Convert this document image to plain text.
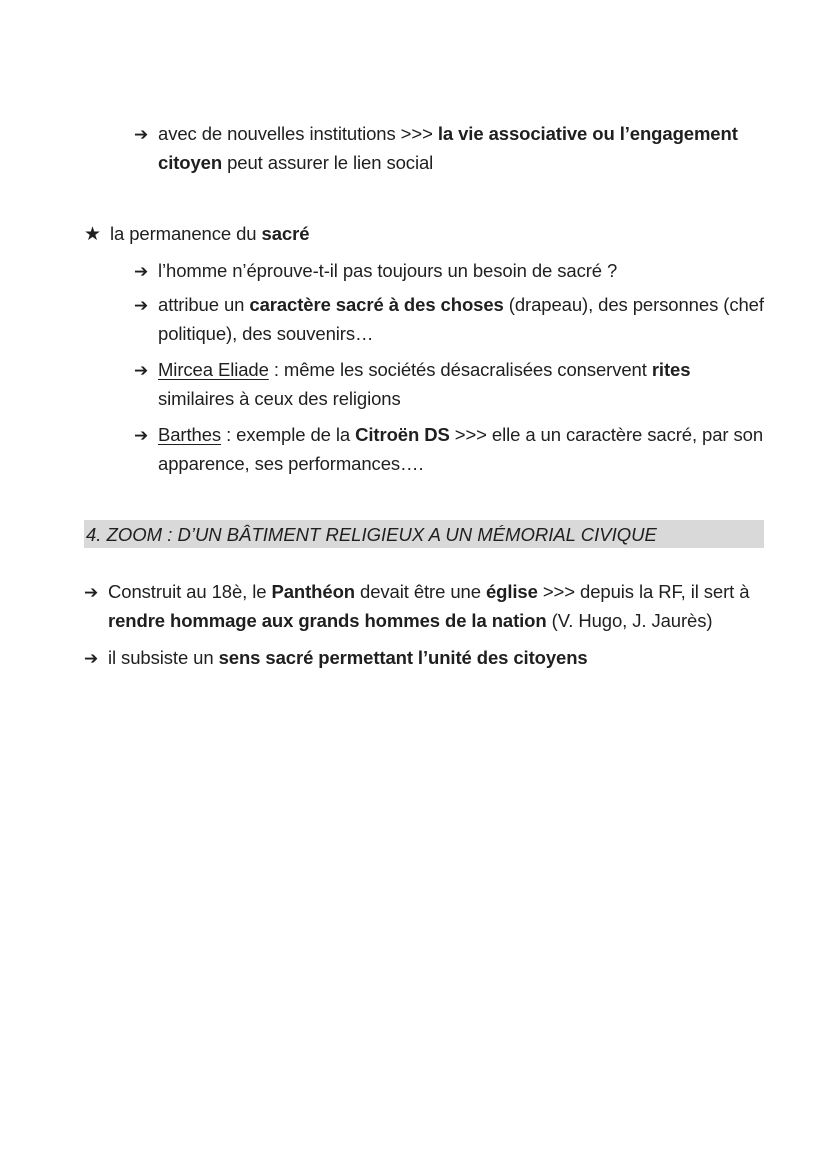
➔ avec de nouvelles institutions >>> la vie associative ou l’engagement
citoyen peut assurer le lien social
★ la permanence du sacré
➔ l’homme n’éprouve-t-il pas toujours un besoin de sacré ?
➔ attribue un caractère sacré à des choses (drapeau), des personnes (chef
politique), des souvenirs…
➔ Mircea Eliade : même les sociétés désacralisées conservent rites
similaires à ceux des religions
➔ Barthes : exemple de la Citroën DS >>> elle a un caractère sacré, par son
apparence, ses performances….
4. ZOOM : D’UN BÂTIMENT RELIGIEUX A UN MÉMORIAL CIVIQUE
➔ Construit au 18è, le Panthéon devait être une église >>> depuis la RF, il sert à
rendre hommage aux grands hommes de la nation (V. Hugo, J. Jaurès)
➔ il subsiste un sens sacré permettant l’unité des citoyens
